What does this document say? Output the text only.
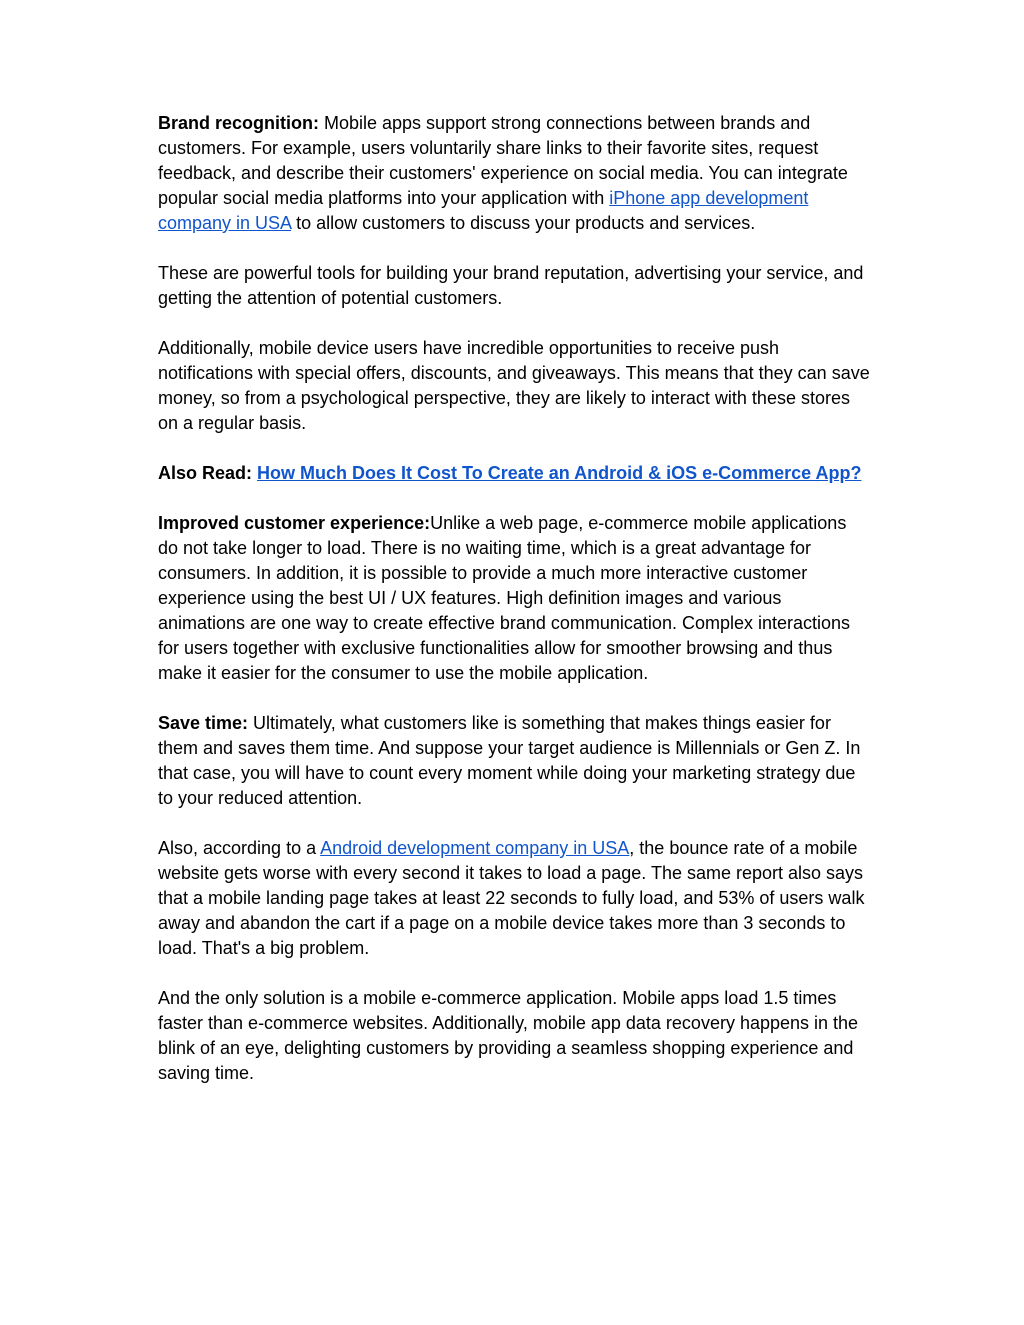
Brand recognition: Mobile apps support strong connections between brands and customers. For example, users voluntarily share links to their favorite sites, request feedback, and describe their customers' experience on social media. You can integrate popular social media platforms into your application with iPhone app development company in USA to allow customers to discuss your products and services.

These are powerful tools for building your brand reputation, advertising your service, and getting the attention of potential customers.

Additionally, mobile device users have incredible opportunities to receive push notifications with special offers, discounts, and giveaways. This means that they can save money, so from a psychological perspective, they are likely to interact with these stores on a regular basis.

Also Read: How Much Does It Cost To Create an Android & iOS e-Commerce App?

Improved customer experience:Unlike a web page, e-commerce mobile applications do not take longer to load. There is no waiting time, which is a great advantage for consumers. In addition, it is possible to provide a much more interactive customer experience using the best UI / UX features. High definition images and various animations are one way to create effective brand communication. Complex interactions for users together with exclusive functionalities allow for smoother browsing and thus make it easier for the consumer to use the mobile application.

Save time: Ultimately, what customers like is something that makes things easier for them and saves them time. And suppose your target audience is Millennials or Gen Z. In that case, you will have to count every moment while doing your marketing strategy due to your reduced attention.

Also, according to a Android development company in USA, the bounce rate of a mobile website gets worse with every second it takes to load a page. The same report also says that a mobile landing page takes at least 22 seconds to fully load, and 53% of users walk away and abandon the cart if a page on a mobile device takes more than 3 seconds to load. That's a big problem.

And the only solution is a mobile e-commerce application. Mobile apps load 1.5 times faster than e-commerce websites. Additionally, mobile app data recovery happens in the blink of an eye, delighting customers by providing a seamless shopping experience and saving time.
